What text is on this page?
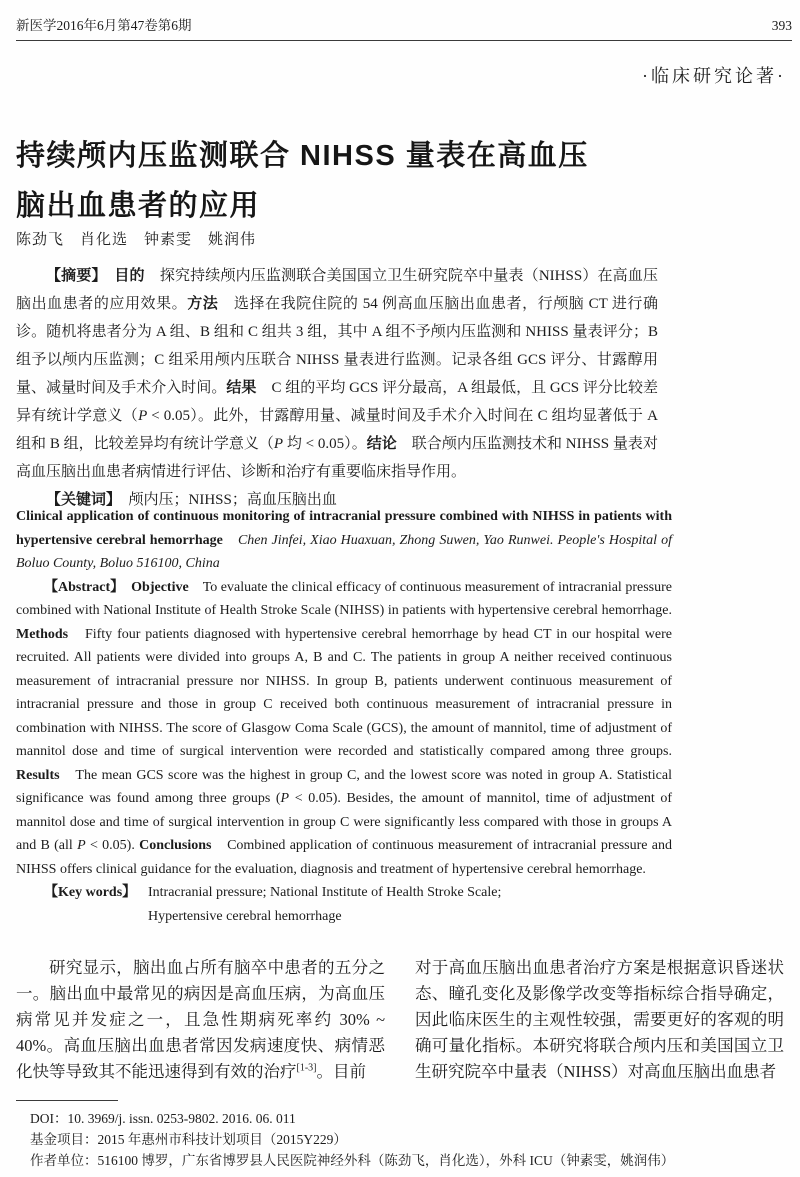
新医学2016年6月第47卷第6期	393
·临床研究论著·
持续颅内压监测联合 NIHSS 量表在高血压
脑出血患者的应用
陈劲飞　肖化选　钟素雯　姚润伟

【摘要】　 目的　探究持续颅内压监测联合美国国立卫生研究院卒中量表（NIHSS）在高血压脑出血患者的应用效果。方法　选择在我院住院的 54 例高血压脑出血患者，行颅脑 CT 进行确诊。随机将患者分为 A 组、B 组和 C 组共 3 组，其中 A 组不予颅内压监测和 NHISS 量表评分；B 组予以颅内压监测；C 组采用颅内压联合 NIHSS 量表进行监测。记录各组 GCS 评分、甘露醇用量、减量时间及手术介入时间。结果　C 组的平均 GCS 评分最高，A 组最低，且 GCS 评分比较差异有统计学意义（P < 0.05）。此外，甘露醇用量、减量时间及手术介入时间在 C 组均显著低于 A 组和 B 组，比较差异均有统计学意义（P 均 < 0.05）。结论　联合颅内压监测技术和 NIHSS 量表对高血压脑出血患者病情进行评估、诊断和治疗有重要临床指导作用。

【关键词】　颅内压；NIHSS；高血压脑出血

Clinical application of continuous monitoring of intracranial pressure combined with NIHSS in patients with hypertensive cerebral hemorrhage　 Chen Jinfei, Xiao Huaxuan, Zhong Suwen, Yao Runwei. People's Hospital of Boluo County, Boluo 516100, China

【Abstract】　 Objective　To evaluate the clinical efficacy of continuous measurement of intracranial pressure combined with National Institute of Health Stroke Scale (NIHSS) in patients with hypertensive cerebral hemorrhage. Methods　Fifty four patients diagnosed with hypertensive cerebral hemorrhage by head CT in our hospital were recruited. All patients were divided into groups A, B and C. The patients in group A neither received continuous measurement of intracranial pressure nor NIHSS. In group B, patients underwent continuous measurement of intracranial pressure and those in group C received both continuous measurement of intracranial pressure in combination with NIHSS. The score of Glasgow Coma Scale (GCS), the amount of mannitol, time of adjustment of mannitol dose and time of surgical intervention were recorded and statistically compared among three groups. Results　The mean GCS score was the highest in group C, and the lowest score was noted in group A. Statistical significance was found among three groups (P < 0.05). Besides, the amount of mannitol, time of adjustment of mannitol dose and time of surgical intervention in group C were significantly less compared with those in groups A and B (all P < 0.05). Conclusions　Combined application of continuous measurement of intracranial pressure and NIHSS offers clinical guidance for the evaluation, diagnosis and treatment of hypertensive cerebral hemorrhage.

【Key words】 Intracranial pressure; National Institute of Health Stroke Scale;
Hypertensive cerebral hemorrhage

研究显示，脑出血占所有脑卒中患者的五分之一。脑出血中最常见的病因是高血压病，为高血压病常见并发症之一，且急性期病死率约 30% ~ 40%。高血压脑出血患者常因发病速度快、病情恶化快等导致其不能迅速得到有效的治疗[1-3]。目前

对于高血压脑出血患者治疗方案是根据意识昏迷状态、瞳孔变化及影像学改变等指标综合指导确定，因此临床医生的主观性较强，需要更好的客观的明确可量化指标。本研究将联合颅内压和美国国立卫生研究院卒中量表（NIHSS）对高血压脑出血患者

DOI：10. 3969/j. issn. 0253-9802. 2016. 06. 011
基金项目：2015 年惠州市科技计划项目（2015Y229）
作者单位：516100 博罗，广东省博罗县人民医院神经外科（陈劲飞，肖化选），外科 ICU（钟素雯，姚润伟）
